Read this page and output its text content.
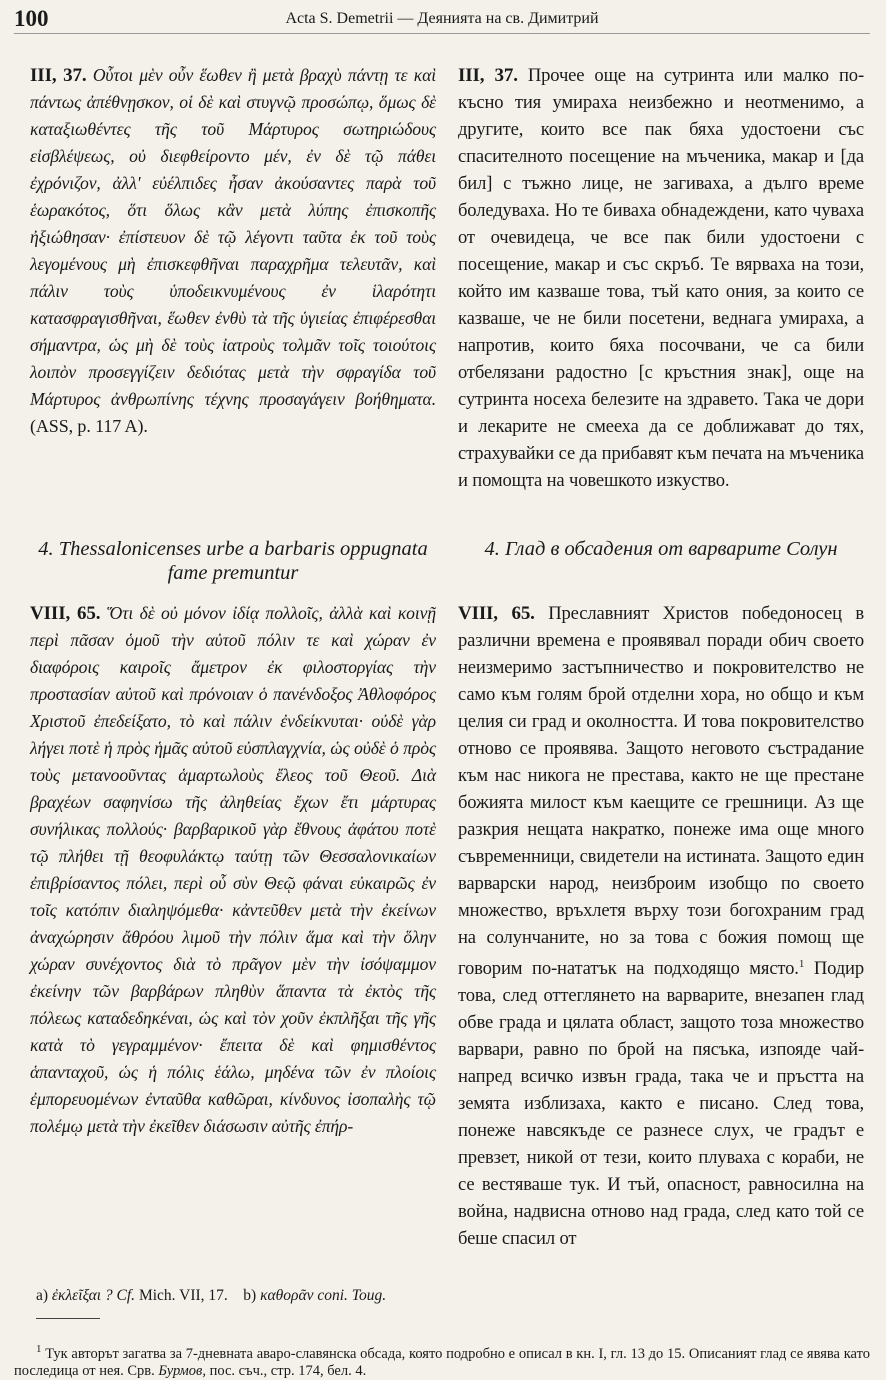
100	Acta S. Demetrii — Деянията на св. Димитрий

III, 37. Οὗτοι μὲν οὖν ἕωθεν ἢ μετὰ βραχὺ πάντῃ τε καὶ πάντως ἀπέθνῃσκον, οἱ δὲ καὶ στυγνῷ προσώπῳ, ὅμως δὲ καταξιωθέντες τῆς τοῦ Μάρτυρος σωτηριώδους εἰσβλέψεως, οὐ διεφθείροντο μέν, ἐν δὲ τῷ πάθει ἐχρόνιζον, ἀλλ' εὐέλπιδες ἦσαν ἀκούσαντες παρὰ τοῦ ἑωρακότος, ὅτι ὅλως κἂν μετὰ λύπης ἐπισκοπῆς ἠξιώθησαν· ἐπίστευον δὲ τῷ λέγοντι ταῦτα ἐκ τοῦ τοὺς λεγομένους μὴ ἐπισκεφθῆναι παραχρῆμα τελευτᾶν, καὶ πάλιν τοὺς ὑποδεικνυμένους ἐν ἱλαρότητι κατασφραγισθῆναι, ἕωθεν ἐνθὺ τὰ τῆς ὑγιείας ἐπιφέρεσθαι σήμαντρα, ὡς μὴ δὲ τοὺς ἰατροὺς τολμᾶν τοῖς τοιούτοις λοιπὸν προσεγγίζειν δεδιότας μετὰ τὴν σφραγίδα τοῦ Μάρτυρος ἀνθρωπίνης τέχνης προσαγάγειν βοήθηματα. (ASS, p. 117 A).

4. Thessalonicenses urbe a barbaris oppugnata fame premuntur

VIII, 65. Ὅτι δὲ οὐ μόνον ἰδίᾳ πολλοῖς, ἀλλὰ καὶ κοινῇ περὶ πᾶσαν ὁμοῦ τὴν αὐτοῦ πόλιν τε καὶ χώραν ἐν διαφόροις καιροῖς ἄμετρον ἐκ φιλοστοργίας τὴν προστασίαν αὐτοῦ καὶ πρόνοιαν ὁ πανένδοξος Ἀθλοφόρος Χριστοῦ ἐπεδείξατο, τὸ καὶ πάλιν ἐνδείκνυται· οὐδὲ γὰρ λήγει ποτὲ ἡ πρὸς ἡμᾶς αὐτοῦ εὐσπλαγχνία, ὡς οὐδὲ ὁ πρὸς τοὺς μετανοοῦντας ἁμαρτωλοὺς ἔλεος τοῦ Θεοῦ. Διὰ βραχέων σαφηνίσω τῆς ἀληθείας ἔχων ἔτι μάρτυρας συνήλικας πολλούς· βαρβαρικοῦ γὰρ ἔθνους ἀφάτου ποτὲ τῷ πλήθει τῇ θεοφυλάκτῳ ταύτῃ τῶν Θεσσαλονικαίων ἐπιβρίσαντος πόλει, περὶ οὗ σὺν Θεῷ φάναι εὐκαιρῶς ἐν τοῖς κατόπιν διαληψόμεθα· κἀντεῦθεν μετὰ τὴν ἐκείνων ἀναχώρησιν ἄθρόου λιμοῦ τὴν πόλιν ἅμα καὶ τὴν ὅλην χώραν συνέχοντος διὰ τὸ πρᾶγον μὲν τὴν ἰσόψαμμον ἐκείνην τῶν βαρβάρων πληθὺν ἅπαντα τὰ ἐκτὸς τῆς πόλεως καταδεδηκέναι, ὡς καὶ τὸν χοῦν ἐκπλῆξαι τῆς γῆς κατὰ τὸ γεγραμμένον· ἔπειτα δὲ καὶ φημισθέντος ἁπανταχοῦ, ὡς ἡ πόλις ἑάλω, μηδένα τῶν ἐν πλοίοις ἐμπορευομένων ἐνταῦθα καθῶραι, κίνδυνος ἰσοπαλὴς τῷ πολέμῳ μετὰ τὴν ἐκεῖθεν διάσωσιν αὐτῆς ἐπήρ-

III, 37. Прочее още на сутринта или малко по-късно тия умираха неизбежно и неотменимо, а другите, които все пак бяха удостоени със спасителното посещение на мъченика, макар и [да бил] с тъжно лице, не загиваха, а дълго време боледуваха. Но те биваха обнадеждени, като чуваха от очевидеца, че все пак били удостоени с посещение, макар и със скръб. Те вярваха на този, който им казваше това, тъй като ония, за които се казваше, че не били посетени, веднага умираха, а напротив, които бяха посочвани, че са били отбелязани радостно [с кръстния знак], още на сутринта носеха белезите на здравето. Така че дори и лекарите не смееха да се доближават до тях, страхувайки се да прибавят към печата на мъченика и помощта на човешкото изкуство.

4. Глад в обсадения от варварите Солун

VIII, 65. Преславният Христов победоносец в различни времена е проявявал поради обич своето неизмеримо застъпничество и покровителство не само към голям брой отделни хора, но общо и към целия си град и околността. И това покровителство отново се проявява. Защото неговото състрадание към нас никога не престава, както не ще престане божията милост към каещите се грешници. Аз ще разкрия нещата накратко, понеже има още много съвременници, свидетели на истината. Защото един варварски народ, неизброим изобщо по своето множество, връхлетя върху този богохраним град на солунчаните, но за това с божия помощ ще говорим по-нататък на подходящо място.$^1$ Подир това, след оттеглянето на варварите, внезапен глад обве града и цялата област, защото тоза множество варвари, равно по брой на пясъка, изпояде чай-напред всичко извън града, така че и пръстта на земята изблизаха, както е писано. След това, понеже навсякъде се разнесе слух, че градът е превзет, никой от тези, които плуваха с кораби, не се вестяваше тук. И тъй, опасност, равносилна на война, надвисна отново над града, след като той се беше спасил от

a) ἐκλεῖξαι ? Cf. Mich. VII, 17. b) καθορᾶν coni. Toug.

$^1$ Тук авторът загатва за 7-дневната аваро-славянска обсада, която подробно е описал в кн. I, гл. 13 до 15. Описаният глад се явява като последица от нея. Срв. Бурмов, пос. съч., стр. 174, бел. 4.
